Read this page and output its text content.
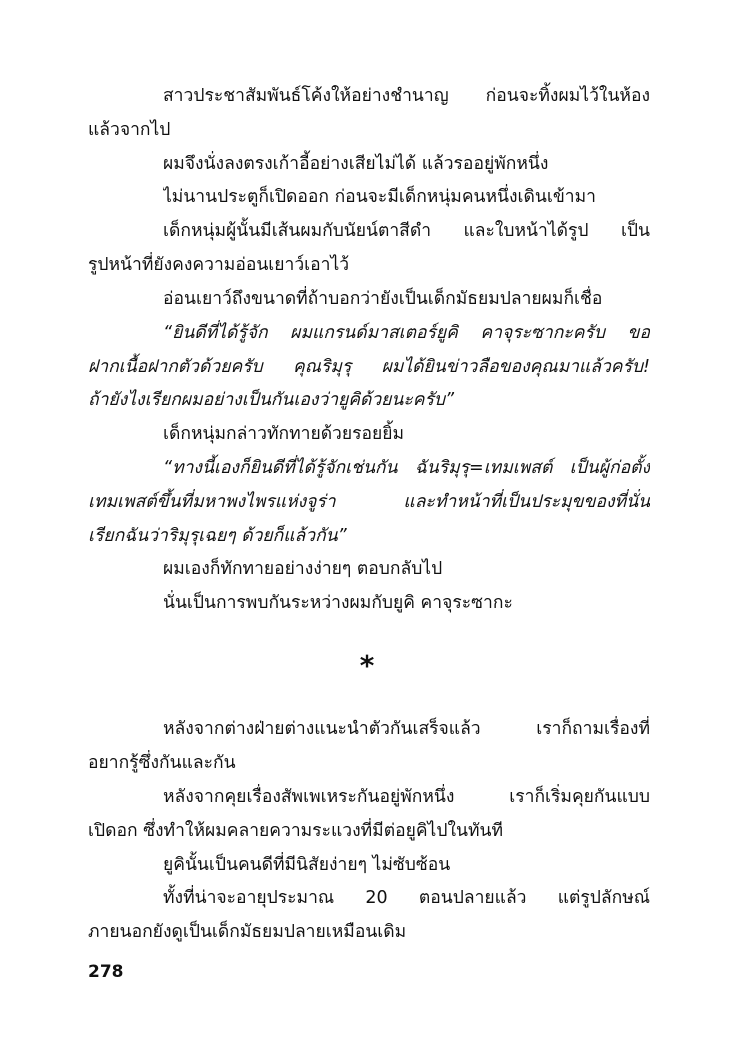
สาวประชาสัมพันธ์โค้งให้อย่างชำนาญ ก่อนจะทิ้งผมไว้ในห้อง
แล้วจากไป
ผมจึงนั่งลงตรงเก้าอี้อย่างเสียไม่ได้ แล้วรออยู่พักหนึ่ง
ไม่นานประตูก็เปิดออก ก่อนจะมีเด็กหนุ่มคนหนึ่งเดินเข้ามา
เด็กหนุ่มผู้นั้นมีเส้นผมกับนัยน์ตาสีดำ และใบหน้าได้รูป เป็น
รูปหน้าที่ยังคงความอ่อนเยาว์เอาไว้
อ่อนเยาว์ถึงขนาดที่ถ้าบอกว่ายังเป็นเด็กมัธยมปลายผมก็เชื่อ
“ยินดีที่ได้รู้จัก ผมแกรนด์มาสเตอร์ยูคิ คาจุระซากะครับ ขอ
ฝากเนื้อฝากตัวด้วยครับ คุณริมุรุ ผมได้ยินข่าวลือของคุณมาแล้วครับ!
ถ้ายังไงเรียกผมอย่างเป็นกันเองว่ายูคิด้วยนะครับ”
เด็กหนุ่มกล่าวทักทายด้วยรอยยิ้ม
“ทางนี้เองก็ยินดีที่ได้รู้จักเช่นกัน ฉันริมุรุ=เทมเพสต์ เป็นผู้ก่อตั้ง
เทมเพสต์ขึ้นที่มหาพงไพรแห่งจูร่า และทำหน้าที่เป็นประมุขของที่นั่น
เรียกฉันว่าริมุรุเฉยๆ ด้วยก็แล้วกัน”
ผมเองก็ทักทายอย่างง่ายๆ ตอบกลับไป
นั่นเป็นการพบกันระหว่างผมกับยูคิ คาจุระซากะ
*
หลังจากต่างฝ่ายต่างแนะนำตัวกันเสร็จแล้ว เราก็ถามเรื่องที่
อยากรู้ซึ่งกันและกัน
หลังจากคุยเรื่องสัพเพเหระกันอยู่พักหนึ่ง เราก็เริ่มคุยกันแบบ
เปิดอก ซึ่งทำให้ผมคลายความระแวงที่มีต่อยูคิไปในทันที
ยูคินั้นเป็นคนดีที่มีนิสัยง่ายๆ ไม่ซับซ้อน
ทั้งที่น่าจะอายุประมาณ 20 ตอนปลายแล้ว แต่รูปลักษณ์
ภายนอกยังดูเป็นเด็กมัธยมปลายเหมือนเดิม
278
